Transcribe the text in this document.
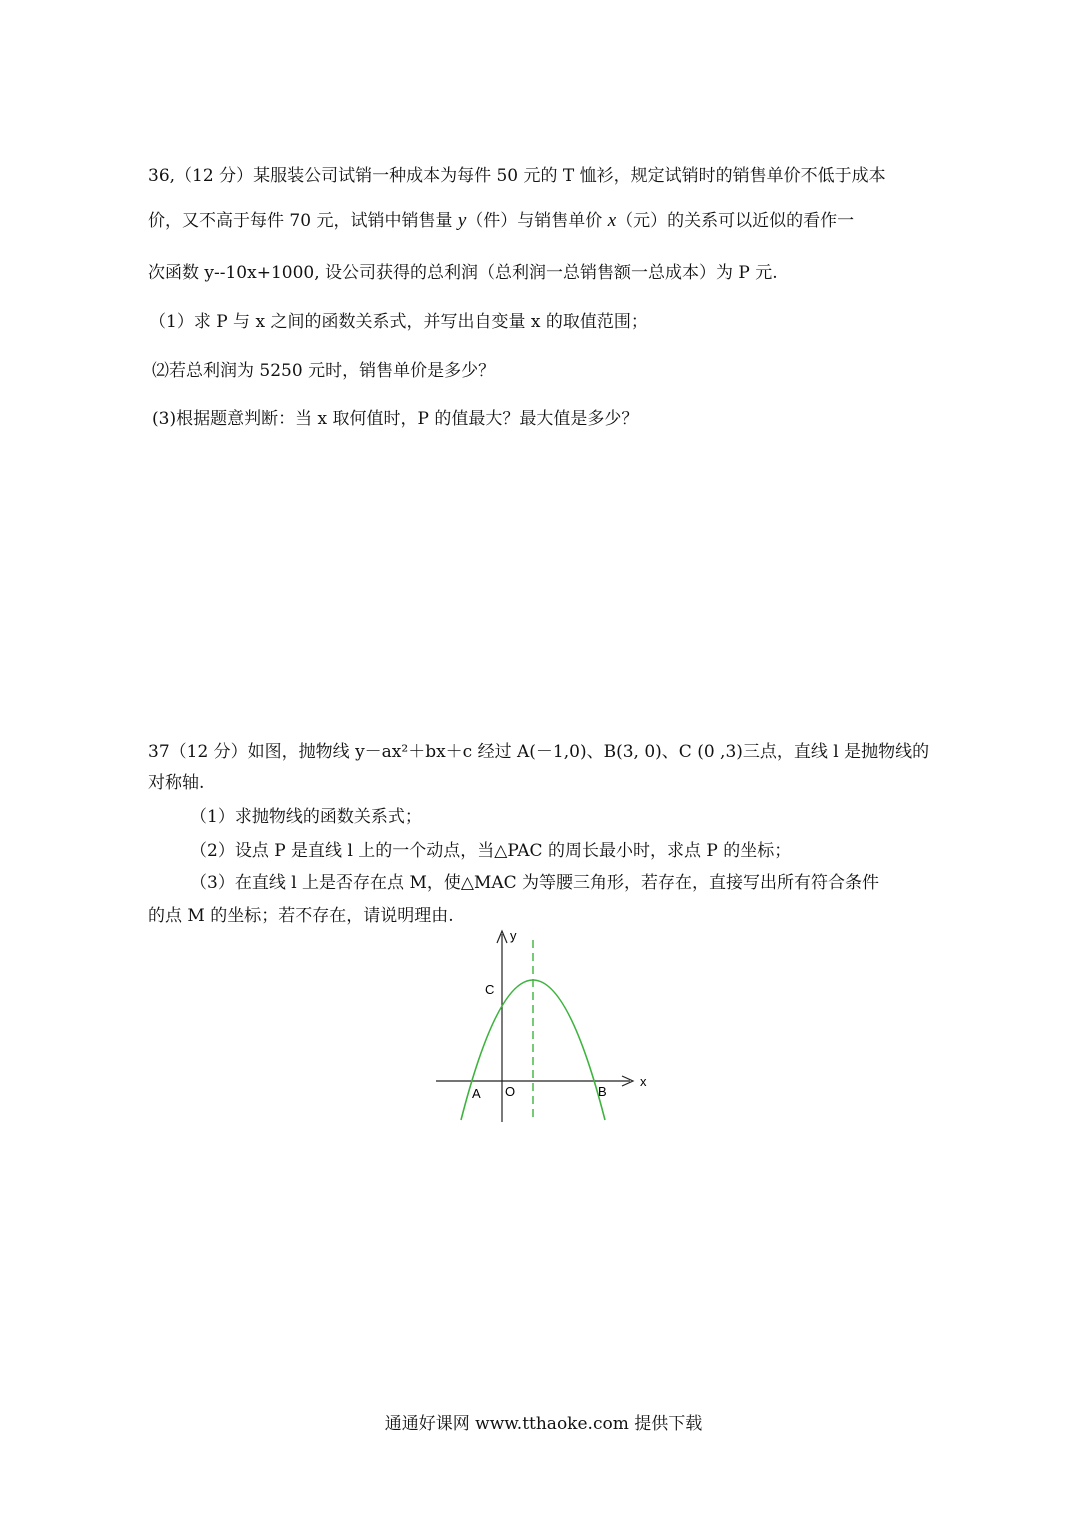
36,（12 分）某服装公司试销一种成本为每件 50 元的 T 恤衫，规定试销时的销售单价不低于成本
价，又不高于每件 70 元，试销中销售量 y（件）与销售单价 x（元）的关系可以近似的看作一
次函数 y--10x+1000, 设公司获得的总利润（总利润一总销售额一总成本）为 P 元.
（1）求 P 与 x 之间的函数关系式，并写出自变量 x 的取值范围；
⑵若总利润为 5250 元时，销售单价是多少？
(3)根据题意判断：当 x 取何值时，P 的值最大？最大值是多少？
37（12 分）如图，抛物线 y－ax²＋bx＋c 经过 A(－1,0)、B(3, 0)、C (0 ,3)三点，直线 l 是抛物线的
对称轴.
（1）求抛物线的函数关系式；
（2）设点 P 是直线 l 上的一个动点，当△PAC 的周长最小时，求点 P 的坐标；
（3）在直线 l 上是否存在点 M，使△MAC 为等腰三角形，若存在，直接写出所有符合条件
的点 M 的坐标；若不存在，请说明理由.
y
x
C
A O	B
通通好课网 www.tthaoke.com 提供下载
